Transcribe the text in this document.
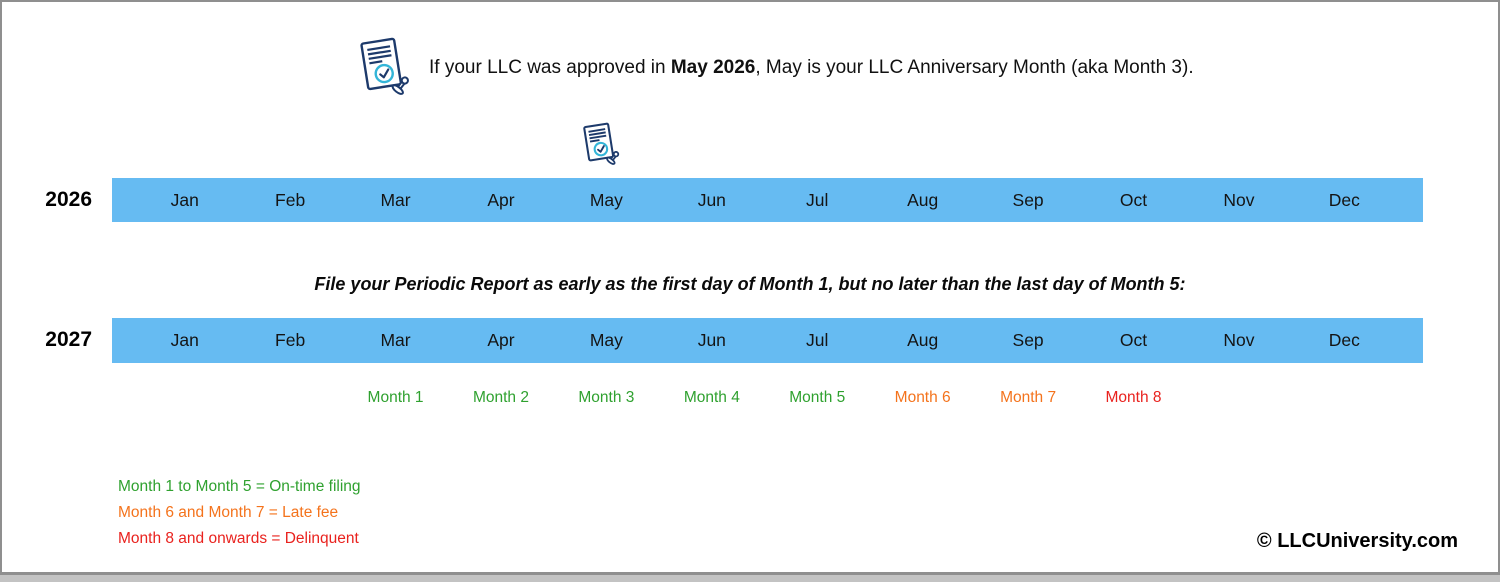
If your LLC was approved in May 2026, May is your LLC Anniversary Month (aka Month 3).
2026	Jan	Feb	Mar	Apr	May	Jun	Jul	Aug	Sep	Oct	Nov	Dec
File your Periodic Report as early as the first day of Month 1, but no later than the last day of Month 5:
2027	Jan	Feb	Mar	Apr	May	Jun	Jul	Aug	Sep	Oct	Nov	Dec
Month 1	Month 2	Month 3	Month 4	Month 5	Month 6	Month 7	Month 8
Month 1 to Month 5 = On-time filing
Month 6 and Month 7 = Late fee
Month 8 and onwards = Delinquent	© LLCUniversity.com
